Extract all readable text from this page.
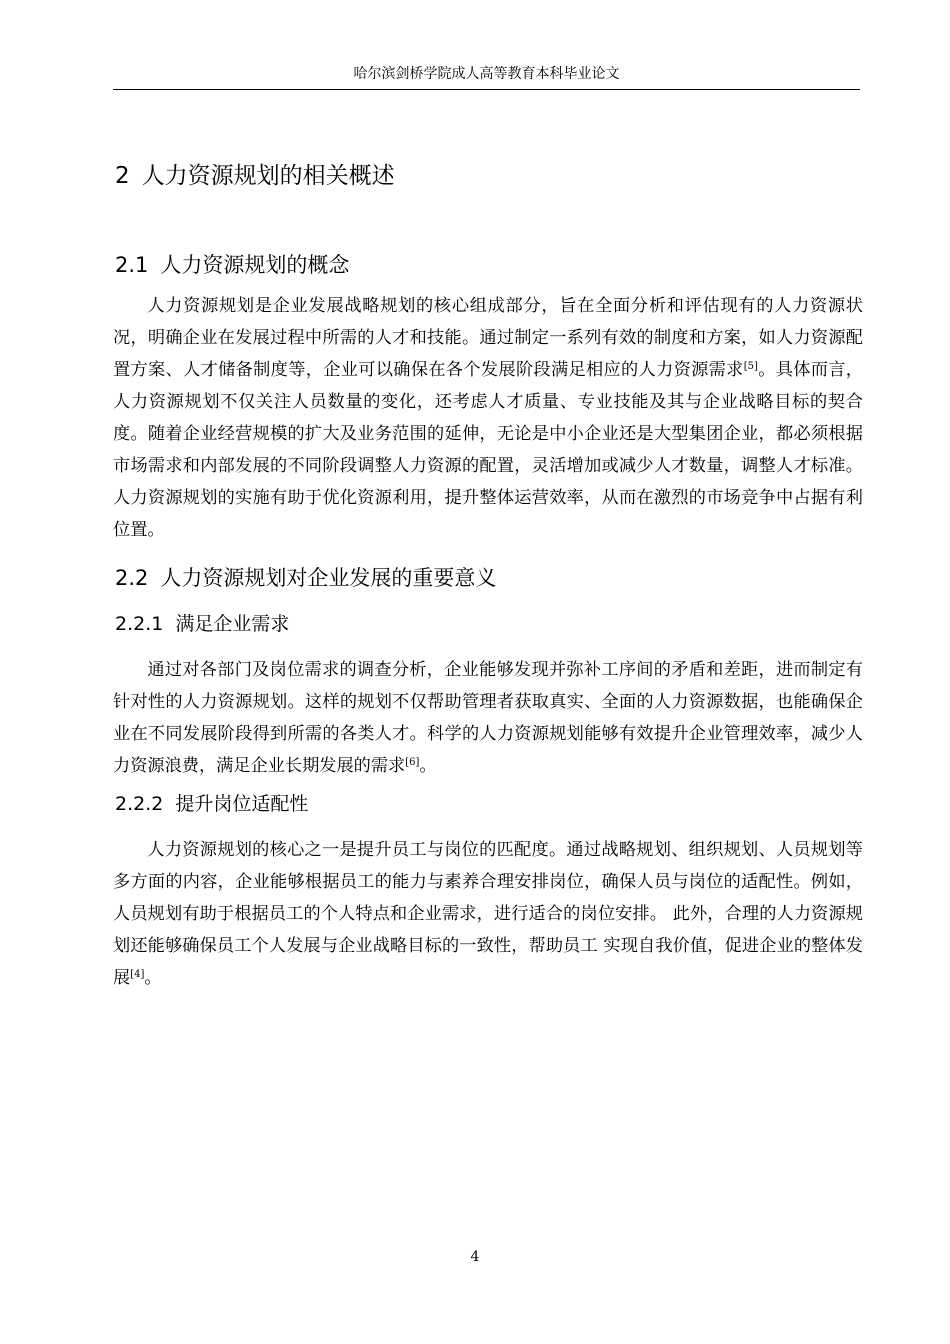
哈尔滨剑桥学院成人高等教育本科毕业论文
2 人力资源规划的相关概述
2.1 人力资源规划的概念

人力资源规划是企业发展战略规划的核心组成部分，旨在全面分析和评估现有的人力资源状况，明确企业在发展过程中所需的人才和技能。通过制定一系列有效的制度和方案，如人力资源配置方案、人才储备制度等，企业可以确保在各个发展阶段满足相应的人力资源需求[5]。具体而言，人力资源规划不仅关注人员数量的变化，还考虑人才质量、专业技能及其与企业战略目标的契合度。随着企业经营规模的扩大及业务范围的延伸，无论是中小企业还是大型集团企业，都必须根据市场需求和内部发展的不同阶段调整人力资源的配置，灵活增加或减少人才数量，调整人才标准。人力资源规划的实施有助于优化资源利用，提升整体运营效率，从而在激烈的市场竞争中占据有利位置。

2.2 人力资源规划对企业发展的重要意义
2.2.1 满足企业需求

通过对各部门及岗位需求的调查分析，企业能够发现并弥补工序间的矛盾和差距，进而制定有针对性的人力资源规划。这样的规划不仅帮助管理者获取真实、全面的人力资源数据，也能确保企业在不同发展阶段得到所需的各类人才。科学的人力资源规划能够有效提升企业管理效率，减少人力资源浪费，满足企业长期发展的需求[6]。

2.2.2 提升岗位适配性

人力资源规划的核心之一是提升员工与岗位的匹配度。通过战略规划、组织规划、人员规划等多方面的内容，企业能够根据员工的能力与素养合理安排岗位，确保人员与岗位的适配性。例如，人员规划有助于根据员工的个人特点和企业需求，进行适合的岗位安排。 此外，合理的人力资源规划还能够确保员工个人发展与企业战略目标的一致性，帮助员工 实现自我价值，促进企业的整体发展[4]。

4
